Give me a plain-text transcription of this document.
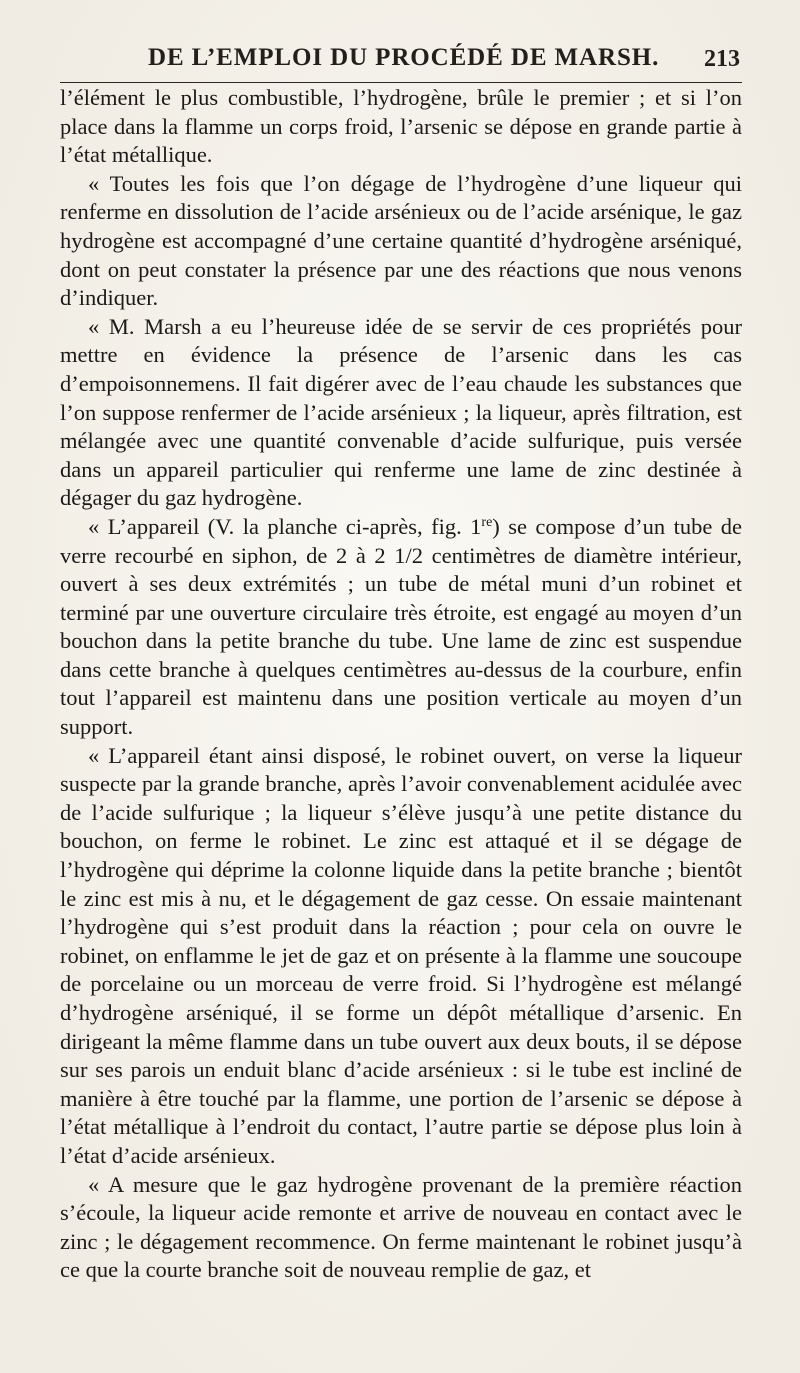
DE L’EMPLOI DU PROCÉDÉ DE MARSH. 213

l’élément le plus combustible, l’hydrogène, brûle le premier ; et si l’on place dans la flamme un corps froid, l’arsenic se dépose en grande partie à l’état métallique.

« Toutes les fois que l’on dégage de l’hydrogène d’une liqueur qui renferme en dissolution de l’acide arsénieux ou de l’acide arsénique, le gaz hydrogène est accompagné d’une certaine quantité d’hydrogène arséniqué, dont on peut constater la présence par une des réactions que nous venons d’indiquer.

« M. Marsh a eu l’heureuse idée de se servir de ces propriétés pour mettre en évidence la présence de l’arsenic dans les cas d’empoisonnemens. Il fait digérer avec de l’eau chaude les substances que l’on suppose renfermer de l’acide arsénieux ; la liqueur, après filtration, est mélangée avec une quantité convenable d’acide sulfurique, puis versée dans un appareil particulier qui renferme une lame de zinc destinée à dégager du gaz hydrogène.

« L’appareil (V. la planche ci-après, fig. 1re) se compose d’un tube de verre recourbé en siphon, de 2 à 2 1/2 centimètres de diamètre intérieur, ouvert à ses deux extrémités ; un tube de métal muni d’un robinet et terminé par une ouverture circulaire très étroite, est engagé au moyen d’un bouchon dans la petite branche du tube. Une lame de zinc est suspendue dans cette branche à quelques centimètres au-dessus de la courbure, enfin tout l’appareil est maintenu dans une position verticale au moyen d’un support.

« L’appareil étant ainsi disposé, le robinet ouvert, on verse la liqueur suspecte par la grande branche, après l’avoir convenablement acidulée avec de l’acide sulfurique ; la liqueur s’élève jusqu’à une petite distance du bouchon, on ferme le robinet. Le zinc est attaqué et il se dégage de l’hydrogène qui déprime la colonne liquide dans la petite branche ; bientôt le zinc est mis à nu, et le dégagement de gaz cesse. On essaie maintenant l’hydrogène qui s’est produit dans la réaction ; pour cela on ouvre le robinet, on enflamme le jet de gaz et on présente à la flamme une soucoupe de porcelaine ou un morceau de verre froid. Si l’hydrogène est mélangé d’hydrogène arséniqué, il se forme un dépôt métallique d’arsenic. En dirigeant la même flamme dans un tube ouvert aux deux bouts, il se dépose sur ses parois un enduit blanc d’acide arsénieux : si le tube est incliné de manière à être touché par la flamme, une portion de l’arsenic se dépose à l’état métallique à l’endroit du contact, l’autre partie se dépose plus loin à l’état d’acide arsénieux.

« A mesure que le gaz hydrogène provenant de la première réaction s’écoule, la liqueur acide remonte et arrive de nouveau en contact avec le zinc ; le dégagement recommence. On ferme maintenant le robinet jusqu’à ce que la courte branche soit de nouveau remplie de gaz, et
